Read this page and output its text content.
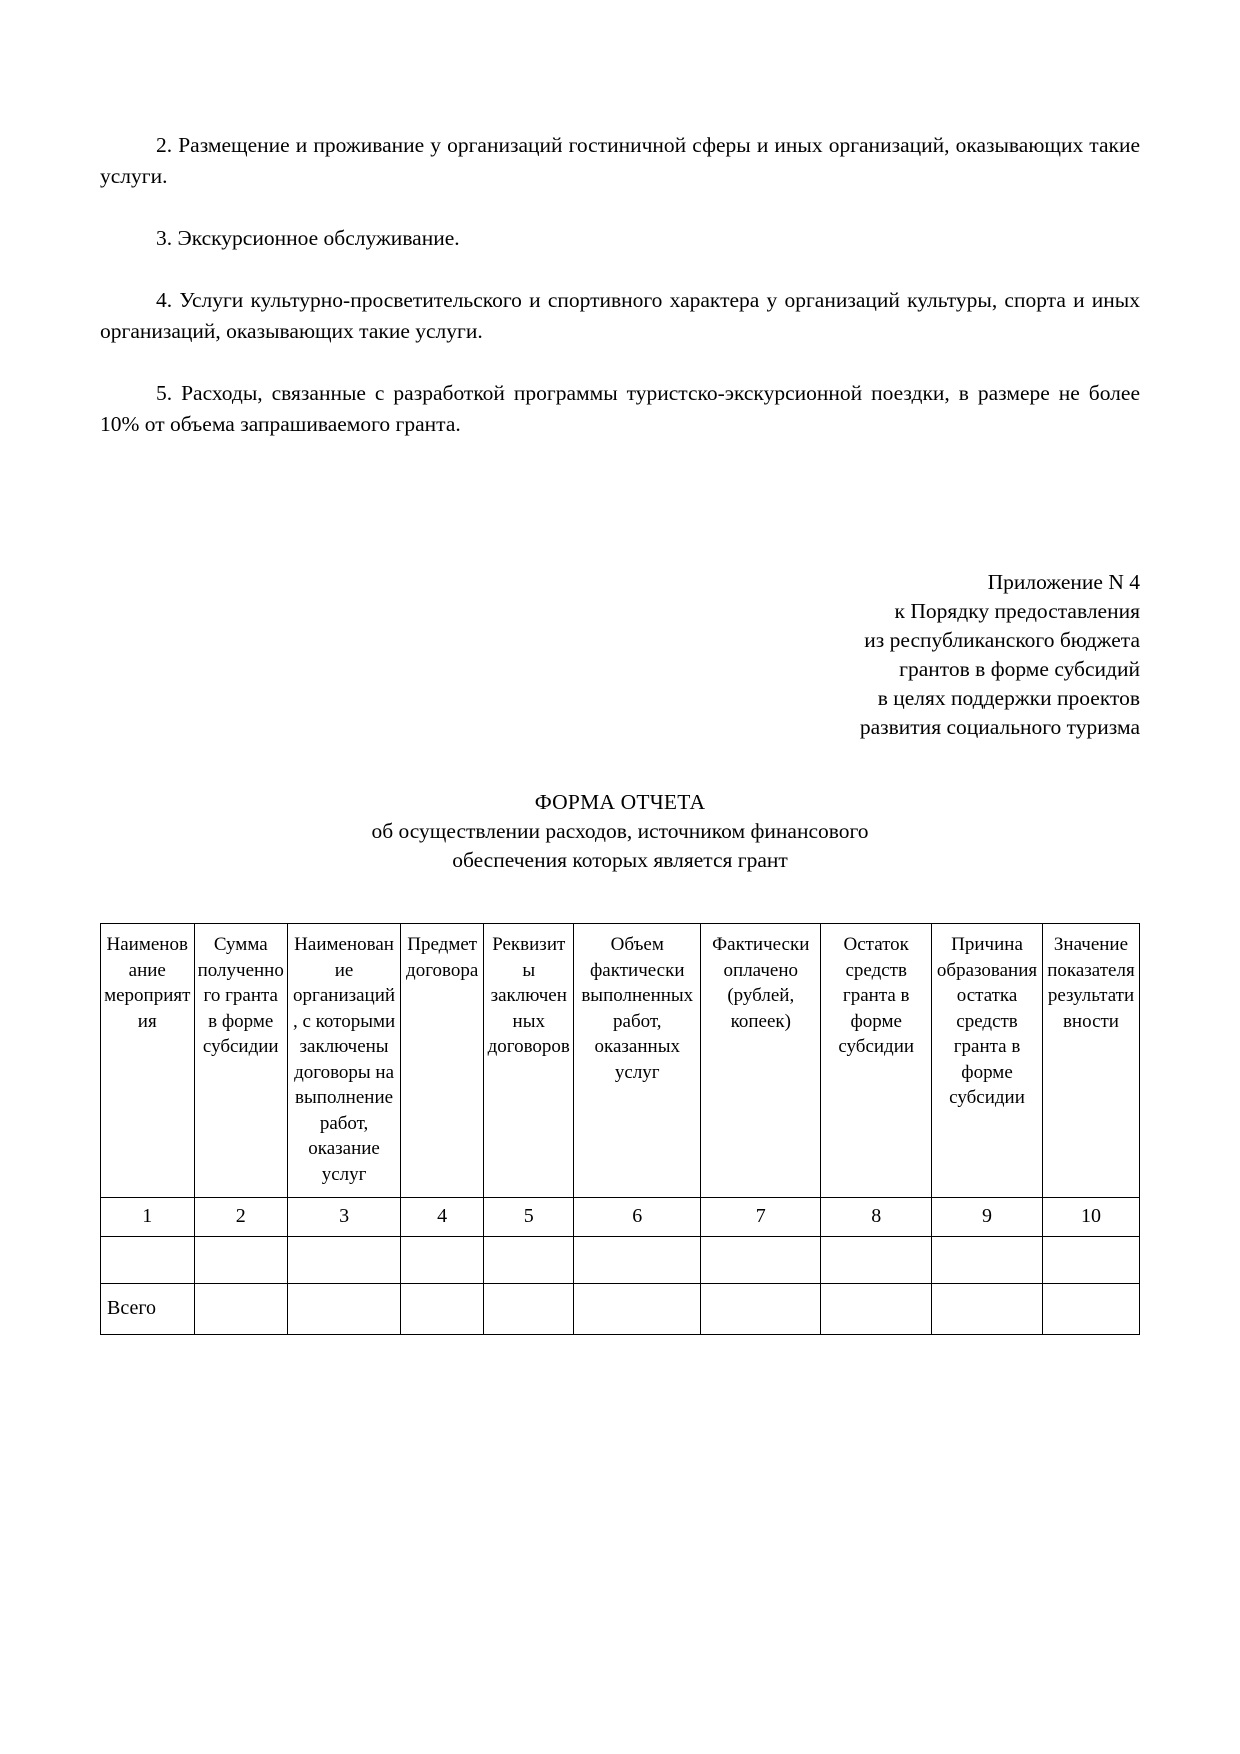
2. Размещение и проживание у организаций гостиничной сферы и иных организаций, оказывающих такие услуги.

3. Экскурсионное обслуживание.

4. Услуги культурно-просветительского и спортивного характера у организаций культуры, спорта и иных организаций, оказывающих такие услуги.

5. Расходы, связанные с разработкой программы туристско-экскурсионной поездки, в размере не более 10% от объема запрашиваемого гранта.

Приложение N 4
к Порядку предоставления
из республиканского бюджета
грантов в форме субсидий
в целях поддержки проектов
развития социального туризма
ФОРМА ОТЧЕТА
об осуществлении расходов, источником финансового
обеспечения которых является грант
Наименование мероприятия	Сумма полученного гранта в форме субсидии	Наименование организаций, с которыми заключены договоры на выполнение работ, оказание услуг	Предмет договора	Реквизиты заключенных договоров	Объем фактически выполненных работ, оказанных услуг	Фактически оплачено (рублей, копеек)	Остаток средств гранта в форме субсидии	Причина образования остатка средств гранта в форме субсидии	Значение показателя результативности
1	2	3	4	5	6	7	8	9	10

Всего									
